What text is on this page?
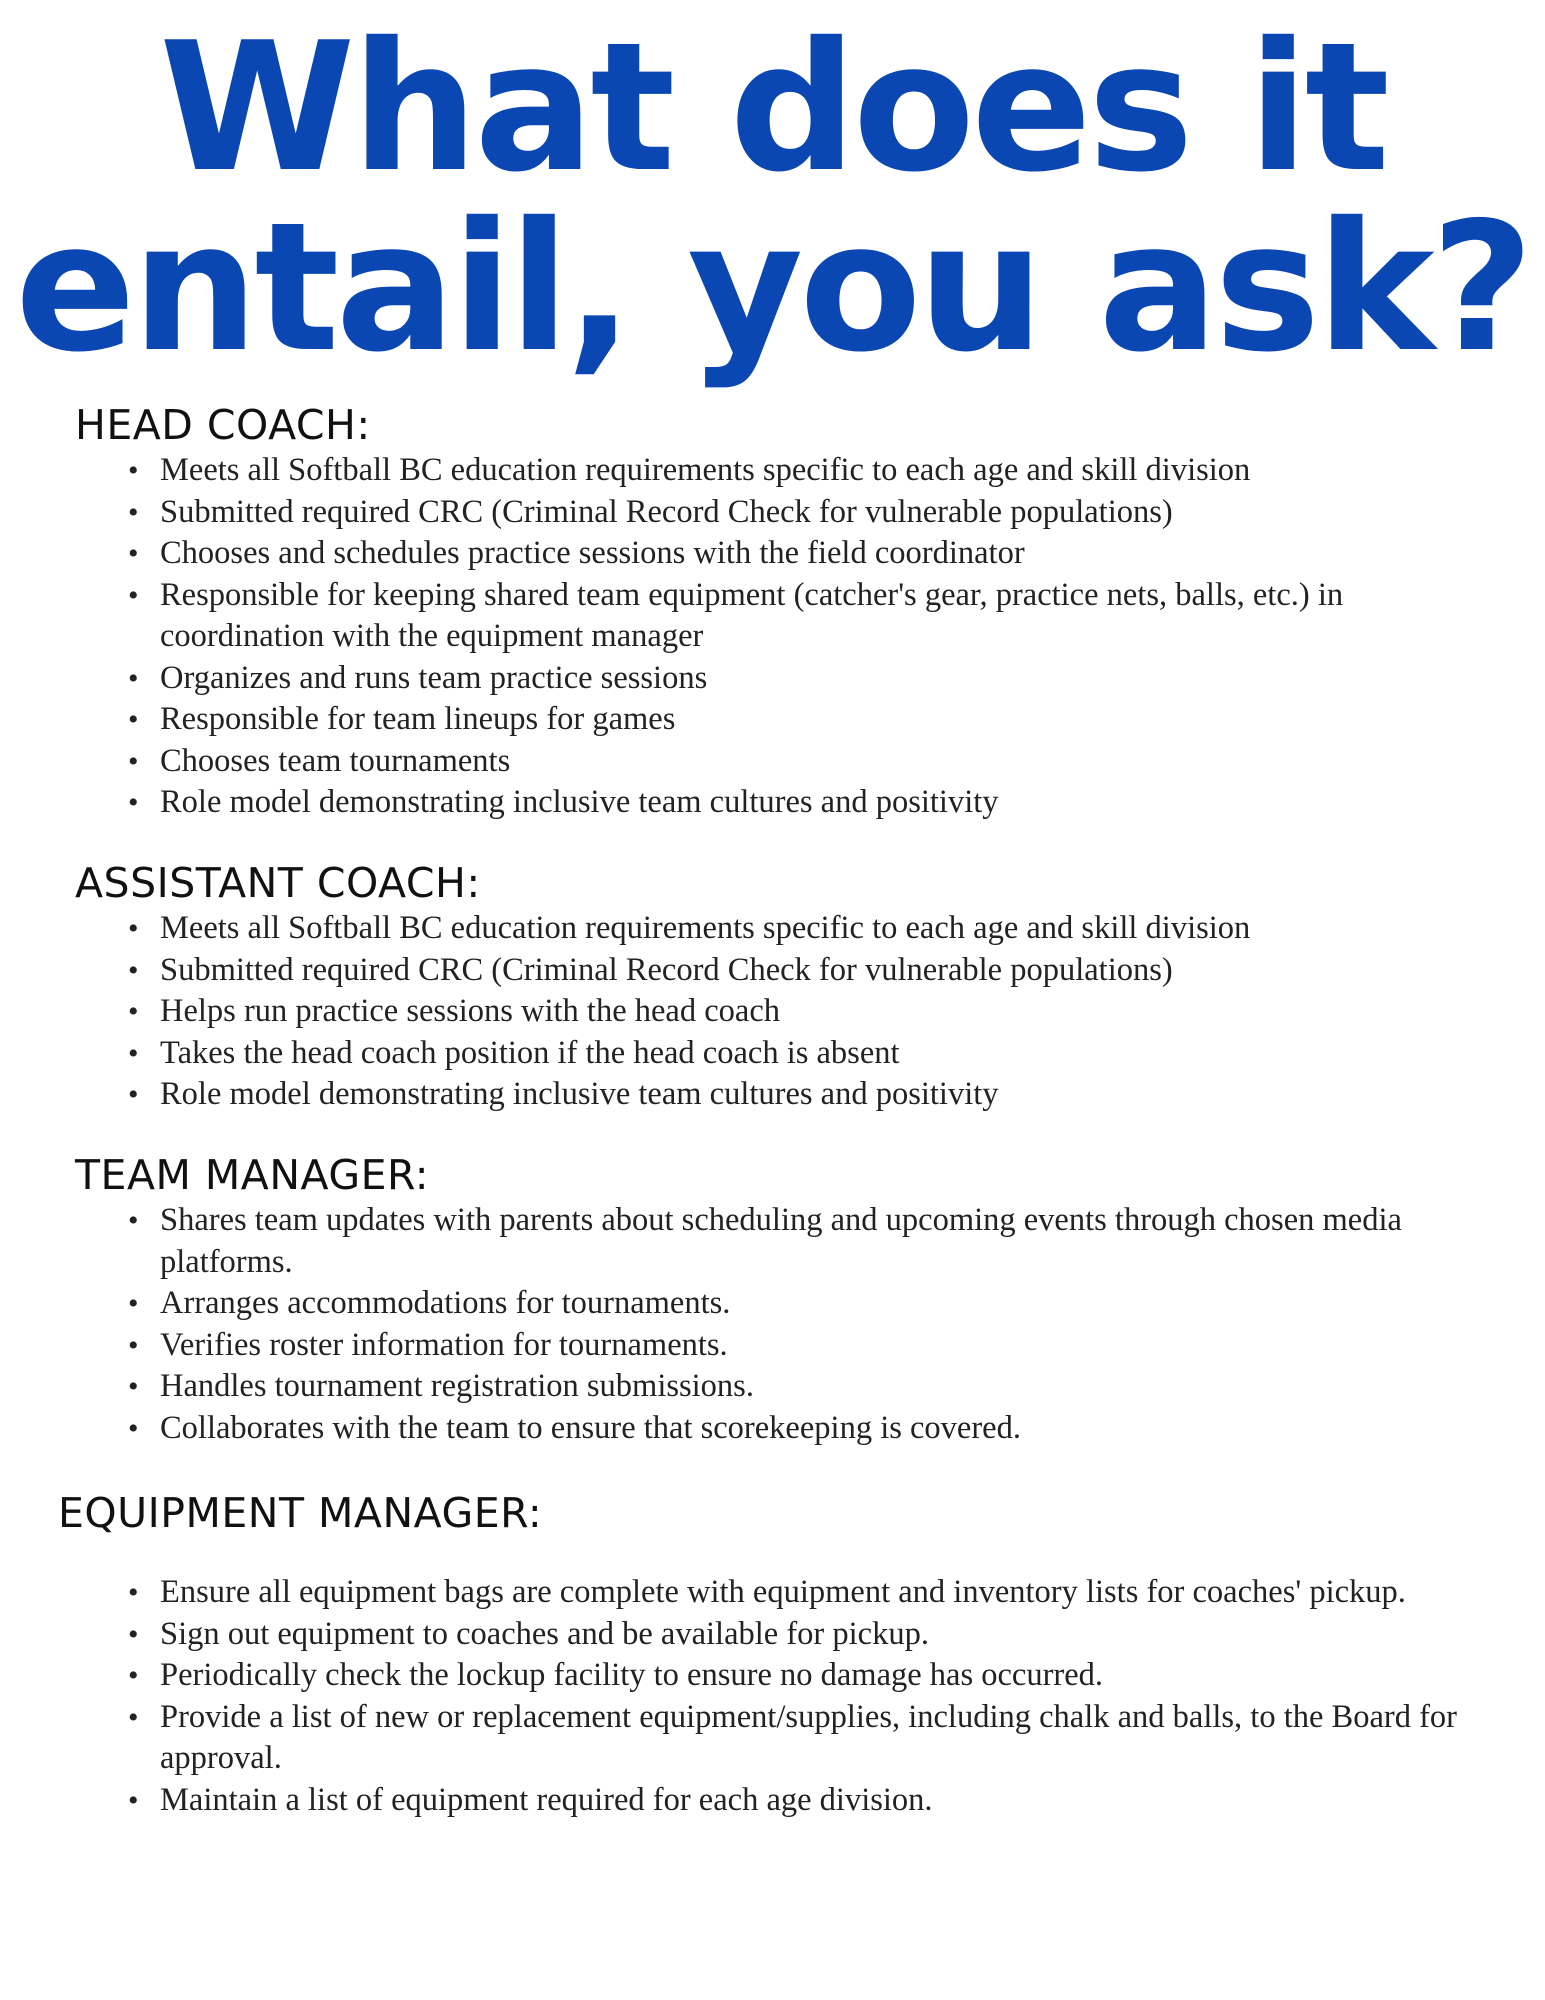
What does it
entail, you ask?
HEAD COACH:
• Meets all Softball BC education requirements specific to each age and skill division
• Submitted required CRC (Criminal Record Check for vulnerable populations)
• Chooses and schedules practice sessions with the field coordinator
• Responsible for keeping shared team equipment (catcher's gear, practice nets, balls, etc.) in coordination with the equipment manager
• Organizes and runs team practice sessions
• Responsible for team lineups for games
• Chooses team tournaments
• Role model demonstrating inclusive team cultures and positivity
ASSISTANT COACH:
• Meets all Softball BC education requirements specific to each age and skill division
• Submitted required CRC (Criminal Record Check for vulnerable populations)
• Helps run practice sessions with the head coach
• Takes the head coach position if the head coach is absent
• Role model demonstrating inclusive team cultures and positivity
TEAM MANAGER:
• Shares team updates with parents about scheduling and upcoming events through chosen media platforms.
• Arranges accommodations for tournaments.
• Verifies roster information for tournaments.
• Handles tournament registration submissions.
• Collaborates with the team to ensure that scorekeeping is covered.
EQUIPMENT MANAGER:
• Ensure all equipment bags are complete with equipment and inventory lists for coaches' pickup.
• Sign out equipment to coaches and be available for pickup.
• Periodically check the lockup facility to ensure no damage has occurred.
• Provide a list of new or replacement equipment/supplies, including chalk and balls, to the Board for approval.
• Maintain a list of equipment required for each age division.
